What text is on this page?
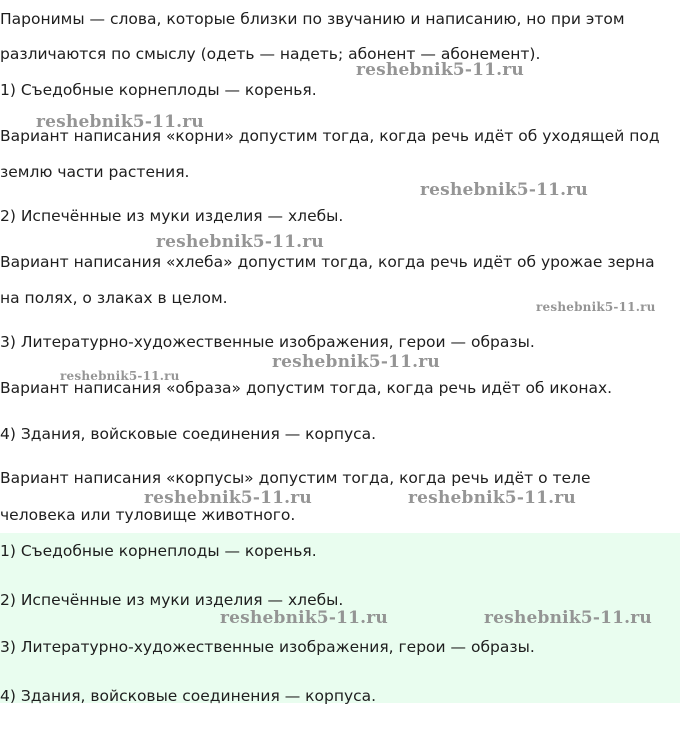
Паронимы — слова, которые близки по звучанию и написанию, но при этом
различаются по смыслу (одеть — надеть; абонент — абонемент).
1) Съедобные корнеплоды — коренья.
Вариант написания «корни» допустим тогда, когда речь идёт об уходящей под
землю части растения.
2) Испечённые из муки изделия — хлебы.
Вариант написания «хлеба» допустим тогда, когда речь идёт об урожае зерна
на полях, о злаках в целом.
3) Литературно-художественные изображения, герои — образы.
Вариант написания «образа» допустим тогда, когда речь идёт об иконах.
4) Здания, войсковые соединения — корпуса.
Вариант написания «корпусы» допустим тогда, когда речь идёт о теле
человека или туловище животного.
1) Съедобные корнеплоды — коренья.
2) Испечённые из муки изделия — хлебы.
3) Литературно-художественные изображения, герои — образы.
4) Здания, войсковые соединения — корпуса.
reshebnik5-11.ru
reshebnik5-11.ru
reshebnik5-11.ru
reshebnik5-11.ru
reshebnik5-11.ru
reshebnik5-11.ru
reshebnik5-11.ru
reshebnik5-11.ru	reshebnik5-11.ru
reshebnik5-11.ru	reshebnik5-11.ru
